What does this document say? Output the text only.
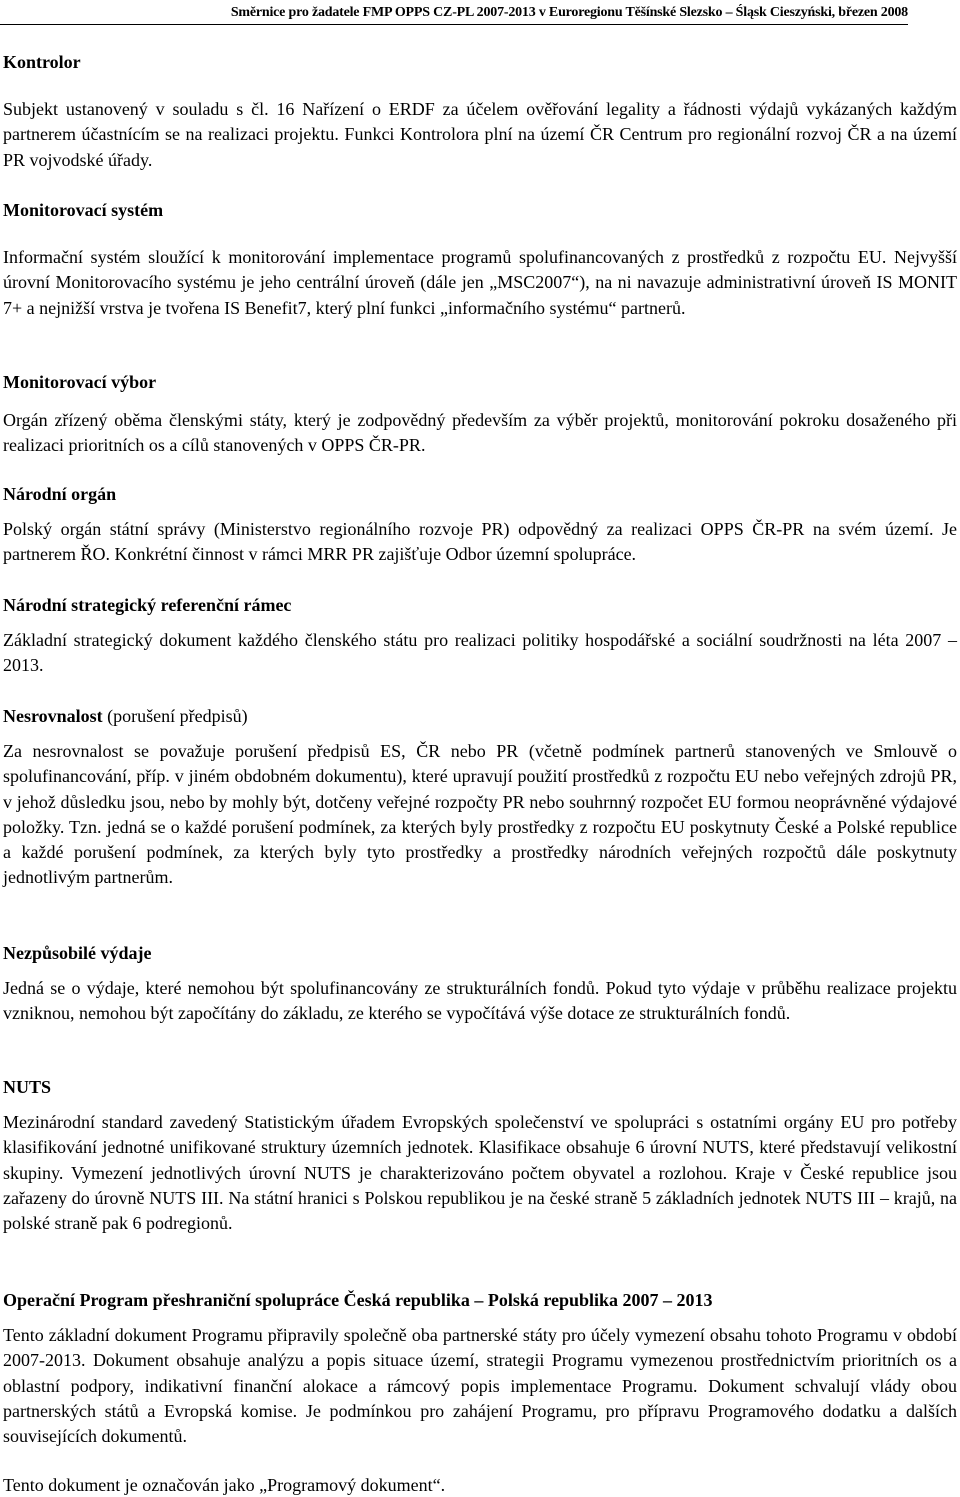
Směrnice pro žadatele FMP OPPS CZ-PL 2007-2013 v Euroregionu Těšínské Slezsko – Śląsk Cieszyński, březen 2008
Kontrolor
Subjekt ustanovený v souladu s čl. 16 Nařízení o ERDF za účelem ověřování legality a řádnosti výdajů vykázaných každým partnerem účastnícím se na realizaci projektu. Funkci Kontrolora plní na území ČR Centrum pro regionální rozvoj ČR a na území PR vojvodské úřady.
Monitorovací systém
Informační systém sloužící k monitorování implementace programů spolufinancovaných z prostředků z rozpočtu EU. Nejvyšší úrovní Monitorovacího systému je jeho centrální úroveň (dále jen „MSC2007“), na ni navazuje administrativní úroveň IS MONIT 7+ a nejnižší vrstva je tvořena IS Benefit7, který plní funkci „informačního systému“ partnerů.
Monitorovací výbor
Orgán zřízený oběma členskými státy, který je zodpovědný především za výběr projektů, monitorování pokroku dosaženého při realizaci prioritních os a cílů stanovených v OPPS ČR-PR.
Národní orgán
Polský orgán státní správy (Ministerstvo regionálního rozvoje PR) odpovědný za realizaci OPPS ČR-PR na svém území. Je partnerem ŘO. Konkrétní činnost v rámci MRR PR zajišťuje Odbor územní spolupráce.
Národní strategický referenční rámec
Základní strategický dokument každého členského státu pro realizaci politiky hospodářské a sociální soudržnosti na léta 2007 – 2013.
Nesrovnalost (porušení předpisů)
Za nesrovnalost se považuje porušení předpisů ES, ČR nebo PR (včetně podmínek partnerů stanovených ve Smlouvě o spolufinancování, příp. v jiném obdobném dokumentu), které upravují použití prostředků z rozpočtu EU nebo veřejných zdrojů PR, v jehož důsledku jsou, nebo by mohly být, dotčeny veřejné rozpočty PR nebo souhrnný rozpočet EU formou neoprávněné výdajové položky. Tzn. jedná se o každé porušení podmínek, za kterých byly prostředky z rozpočtu EU poskytnuty České a Polské republice a každé porušení podmínek, za kterých byly tyto prostředky a prostředky národních veřejných rozpočtů dále poskytnuty jednotlivým partnerům.
Nezpůsobilé výdaje
Jedná se o výdaje, které nemohou být spolufinancovány ze strukturálních fondů. Pokud tyto výdaje v průběhu realizace projektu vzniknou, nemohou být započítány do základu, ze kterého se vypočítává výše dotace ze strukturálních fondů.
NUTS
Mezinárodní standard zavedený Statistickým úřadem Evropských společenství ve spolupráci s ostatními orgány EU pro potřeby klasifikování jednotné unifikované struktury územních jednotek. Klasifikace obsahuje 6 úrovní NUTS, které představují velikostní skupiny. Vymezení jednotlivých úrovní NUTS je charakterizováno počtem obyvatel a rozlohou. Kraje v České republice jsou zařazeny do úrovně NUTS III. Na státní hranici s Polskou republikou je na české straně 5 základních jednotek NUTS III – krajů, na polské straně pak 6 podregionů.
Operační Program přeshraniční spolupráce Česká republika – Polská republika 2007 – 2013
Tento základní dokument Programu připravily společně oba partnerské státy pro účely vymezení obsahu tohoto Programu v období 2007-2013. Dokument obsahuje analýzu a popis situace území, strategii Programu vymezenou prostřednictvím prioritních os a oblastní podpory, indikativní finanční alokace a rámcový popis implementace Programu. Dokument schvalují vlády obou partnerských států a Evropská komise. Je podmínkou pro zahájení Programu, pro přípravu Programového dodatku a dalších souvisejících dokumentů.
Tento dokument je označován jako „Programový dokument“.
